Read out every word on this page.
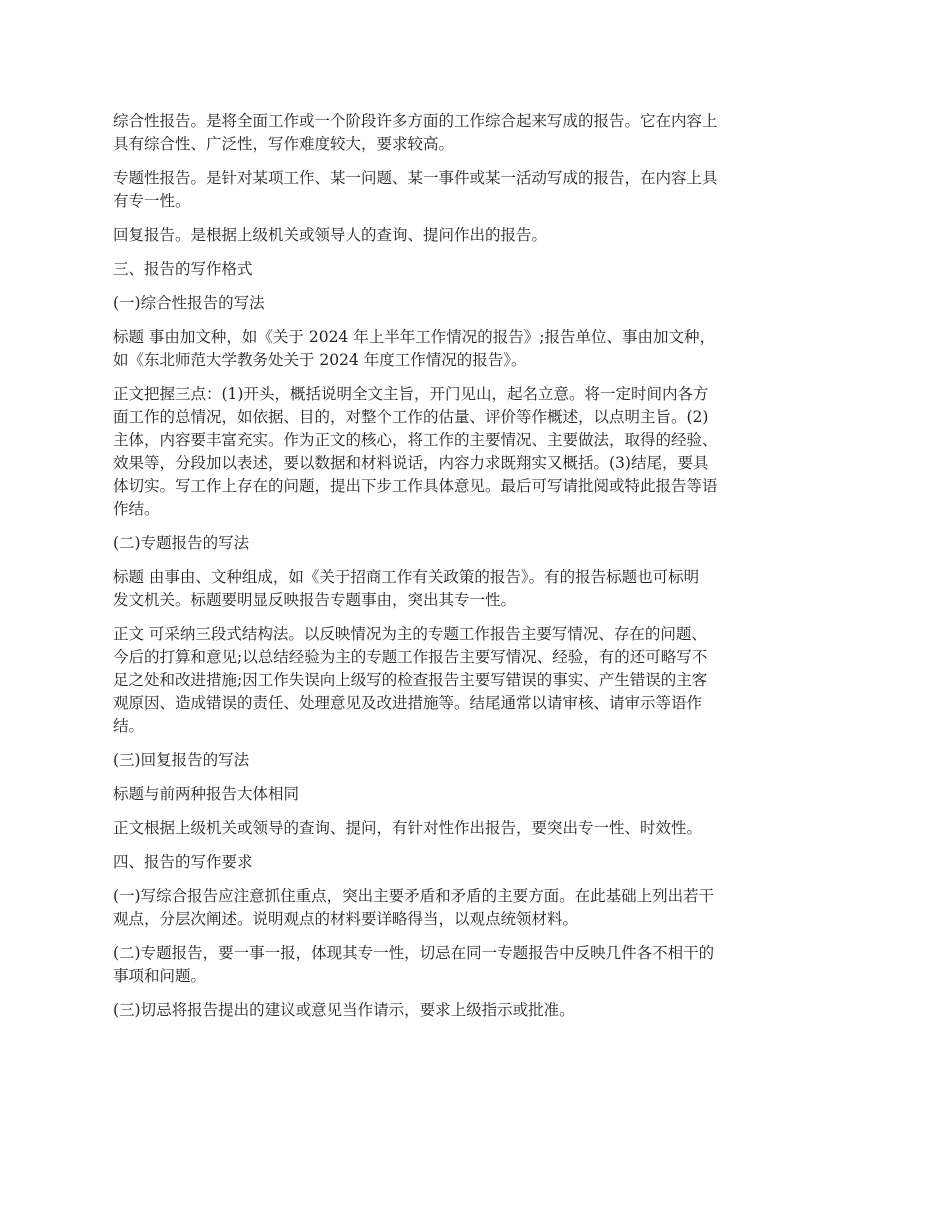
综合性报告。是将全面工作或一个阶段许多方面的工作综合起来写成的报告。它在内容上
具有综合性、广泛性，写作难度较大，要求较高。

专题性报告。是针对某项工作、某一问题、某一事件或某一活动写成的报告，在内容上具
有专一性。

回复报告。是根据上级机关或领导人的查询、提问作出的报告。

三、报告的写作格式

(一)综合性报告的写法

标题 事由加文种，如《关于 2024 年上半年工作情况的报告》;报告单位、事由加文种，
如《东北师范大学教务处关于 2024 年度工作情况的报告》。

正文把握三点：(1)开头，概括说明全文主旨，开门见山，起名立意。将一定时间内各方
面工作的总情况，如依据、目的，对整个工作的估量、评价等作概述，以点明主旨。(2)
主体，内容要丰富充实。作为正文的核心，将工作的主要情况、主要做法，取得的经验、
效果等，分段加以表述，要以数据和材料说话，内容力求既翔实又概括。(3)结尾，要具
体切实。写工作上存在的问题，提出下步工作具体意见。最后可写请批阅或特此报告等语
作结。

(二)专题报告的写法

标题 由事由、文种组成，如《关于招商工作有关政策的报告》。有的报告标题也可标明
发文机关。标题要明显反映报告专题事由，突出其专一性。

正文 可采纳三段式结构法。以反映情况为主的专题工作报告主要写情况、存在的问题、
今后的打算和意见;以总结经验为主的专题工作报告主要写情况、经验，有的还可略写不
足之处和改进措施;因工作失误向上级写的检查报告主要写错误的事实、产生错误的主客
观原因、造成错误的责任、处理意见及改进措施等。结尾通常以请审核、请审示等语作
结。

(三)回复报告的写法

标题与前两种报告大体相同

正文根据上级机关或领导的查询、提问，有针对性作出报告，要突出专一性、时效性。

四、报告的写作要求

(一)写综合报告应注意抓住重点，突出主要矛盾和矛盾的主要方面。在此基础上列出若干
观点，分层次阐述。说明观点的材料要详略得当，以观点统领材料。

(二)专题报告，要一事一报，体现其专一性，切忌在同一专题报告中反映几件各不相干的
事项和问题。

(三)切忌将报告提出的建议或意见当作请示，要求上级指示或批准。
